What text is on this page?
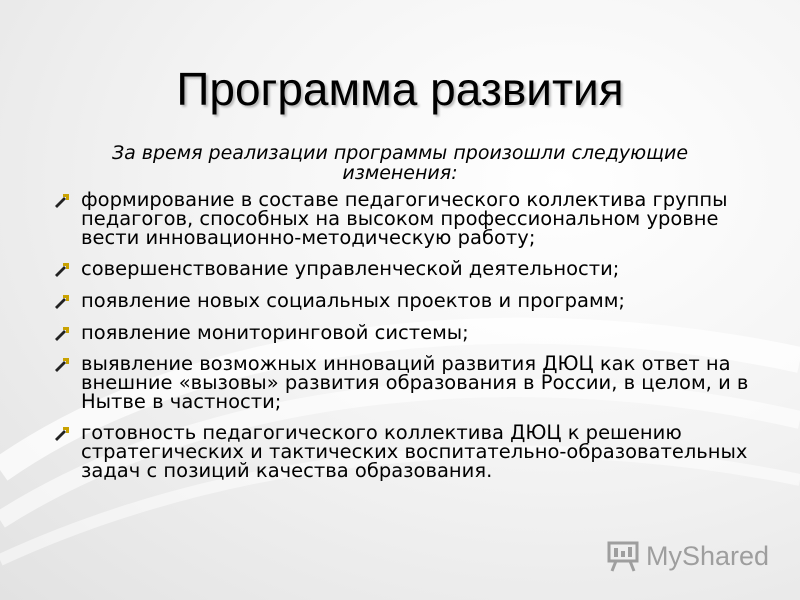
Программа развития
За время реализации программы произошли следующие изменения:
формирование в составе педагогического коллектива группы педагогов, способных на высоком профессиональном уровне вести инновационно-методическую работу;
совершенствование управленческой деятельности;
появление новых социальных проектов и программ;
появление мониторинговой системы;
выявление возможных инноваций развития ДЮЦ как ответ на внешние «вызовы» развития образования в России, в целом, и в Нытве в частности;
готовность педагогического коллектива ДЮЦ к решению стратегических и тактических воспитательно-образовательных задач с позиций качества образования.
MyShared
